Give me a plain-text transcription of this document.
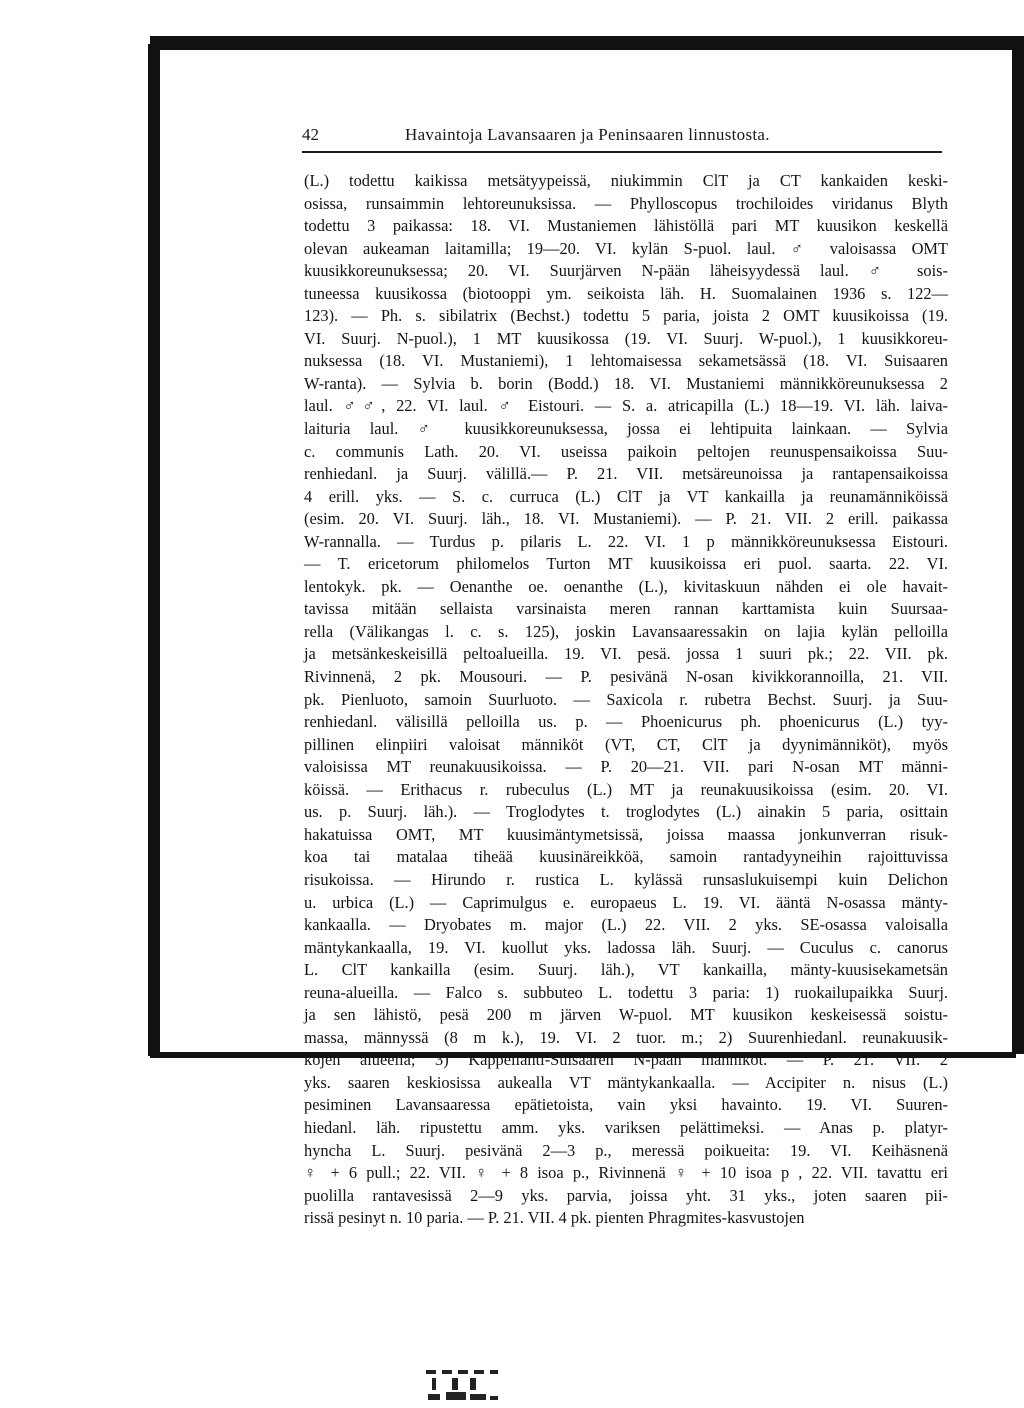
42	Havaintoja Lavansaaren ja Peninsaaren linnustosta.
(L.) todettu kaikissa metsätyypeissä, niukimmin ClT ja CT kankaiden keski-
osissa, runsaimmin lehtoreunuksissa. — Phylloscopus trochiloides viridanus Blyth
todettu 3 paikassa: 18. VI. Mustaniemen lähistöllä pari MT kuusikon keskellä
olevan aukeaman laitamilla; 19—20. VI. kylän S-puol. laul. ♂ valoisassa OMT
kuusikkoreunuksessa; 20. VI. Suurjärven N-pään läheisyydessä laul. ♂ sois-
tuneessa kuusikossa (biotooppi ym. seikoista läh. H. Suomalainen 1936 s. 122—
123). — Ph. s. sibilatrix (Bechst.) todettu 5 paria, joista 2 OMT kuusikoissa (19.
VI. Suurj. N-puol.), 1 MT kuusikossa (19. VI. Suurj. W-puol.), 1 kuusikkoreu-
nuksessa (18. VI. Mustaniemi), 1 lehtomaisessa sekametsässä (18. VI. Suisaaren
W-ranta). — Sylvia b. borin (Bodd.) 18. VI. Mustaniemi männikköreunuksessa 2
laul. ♂♂, 22. VI. laul. ♂ Eistouri. — S. a. atricapilla (L.) 18—19. VI. läh. laiva-
laituria laul. ♂ kuusikkoreunuksessa, jossa ei lehtipuita lainkaan. — Sylvia
c. communis Lath. 20. VI. useissa paikoin peltojen reunuspensaikoissa Suu-
renhiedanl. ja Suurj. välillä.— P. 21. VII. metsäreunoissa ja rantapensaikoissa
4 erill. yks. — S. c. curruca (L.) ClT ja VT kankailla ja reunamänniköissä
(esim. 20. VI. Suurj. läh., 18. VI. Mustaniemi). — P. 21. VII. 2 erill. paikassa
W-rannalla. — Turdus p. pilaris L. 22. VI. 1 p männikköreunuksessa Eistouri.
— T. ericetorum philomelos Turton MT kuusikoissa eri puol. saarta. 22. VI.
lentokyk. pk. — Oenanthe oe. oenanthe (L.), kivitaskuun nähden ei ole havait-
tavissa mitään sellaista varsinaista meren rannan karttamista kuin Suursaa-
rella (Välikangas l. c. s. 125), joskin Lavansaaressakin on lajia kylän pelloilla
ja metsänkeskeisillä peltoalueilla. 19. VI. pesä. jossa 1 suuri pk.; 22. VII. pk.
Rivinnenä, 2 pk. Mousouri. — P. pesivänä N-osan kivikkorannoilla, 21. VII.
pk. Pienluoto, samoin Suurluoto. — Saxicola r. rubetra Bechst. Suurj. ja Suu-
renhiedanl. välisillä pelloilla us. p. — Phoenicurus ph. phoenicurus (L.) tyy-
pillinen elinpiiri valoisat männiköt (VT, CT, ClT ja dyynimänniköt), myös
valoisissa MT reunakuusikoissa. — P. 20—21. VII. pari N-osan MT männi-
köissä. — Erithacus r. rubeculus (L.) MT ja reunakuusikoissa (esim. 20. VI.
us. p. Suurj. läh.). — Troglodytes t. troglodytes (L.) ainakin 5 paria, osittain
hakatuissa OMT, MT kuusimäntymetsissä, joissa maassa jonkunverran risuk-
koa tai matalaa tiheää kuusinäreikköä, samoin rantadyyneihin rajoittuvissa
risukoissa. — Hirundo r. rustica L. kylässä runsaslukuisempi kuin Delichon
u. urbica (L.) — Caprimulgus e. europaeus L. 19. VI. ääntä N-osassa mänty-
kankaalla. — Dryobates m. major (L.) 22. VII. 2 yks. SE-osassa valoisalla
mäntykankaalla, 19. VI. kuollut yks. ladossa läh. Suurj. — Cuculus c. canorus
L. ClT kankailla (esim. Suurj. läh.), VT kankailla, mänty-kuusisekametsän
reuna-alueilla. — Falco s. subbuteo L. todettu 3 paria: 1) ruokailupaikka Suurj.
ja sen lähistö, pesä 200 m järven W-puol. MT kuusikon keskeisessä soistu-
massa, männyssä (8 m k.), 19. VI. 2 tuor. m.; 2) Suurenhiedanl. reunakuusik-
kojen alueella; 3) Kappellahti-Suisaaren N-pään männiköt. — P. 21. VII. 2
yks. saaren keskiosissa aukealla VT mäntykankaalla. — Accipiter n. nisus (L.)
pesiminen Lavansaaressa epätietoista, vain yksi havainto. 19. VI. Suuren-
hiedanl. läh. ripustettu amm. yks. variksen pelättimeksi. — Anas p. platyr-
hyncha L. Suurj. pesivänä 2—3 p., meressä poikueita: 19. VI. Keihäsnenä
♀ + 6 pull.; 22. VII. ♀ + 8 isoa p., Rivinnenä ♀ + 10 isoa p , 22. VII. tavattu eri
puolilla rantavesissä 2—9 yks. parvia, joissa yht. 31 yks., joten saaren pii-
rissä pesinyt n. 10 paria. — P. 21. VII. 4 pk. pienten Phragmites-kasvustojen
